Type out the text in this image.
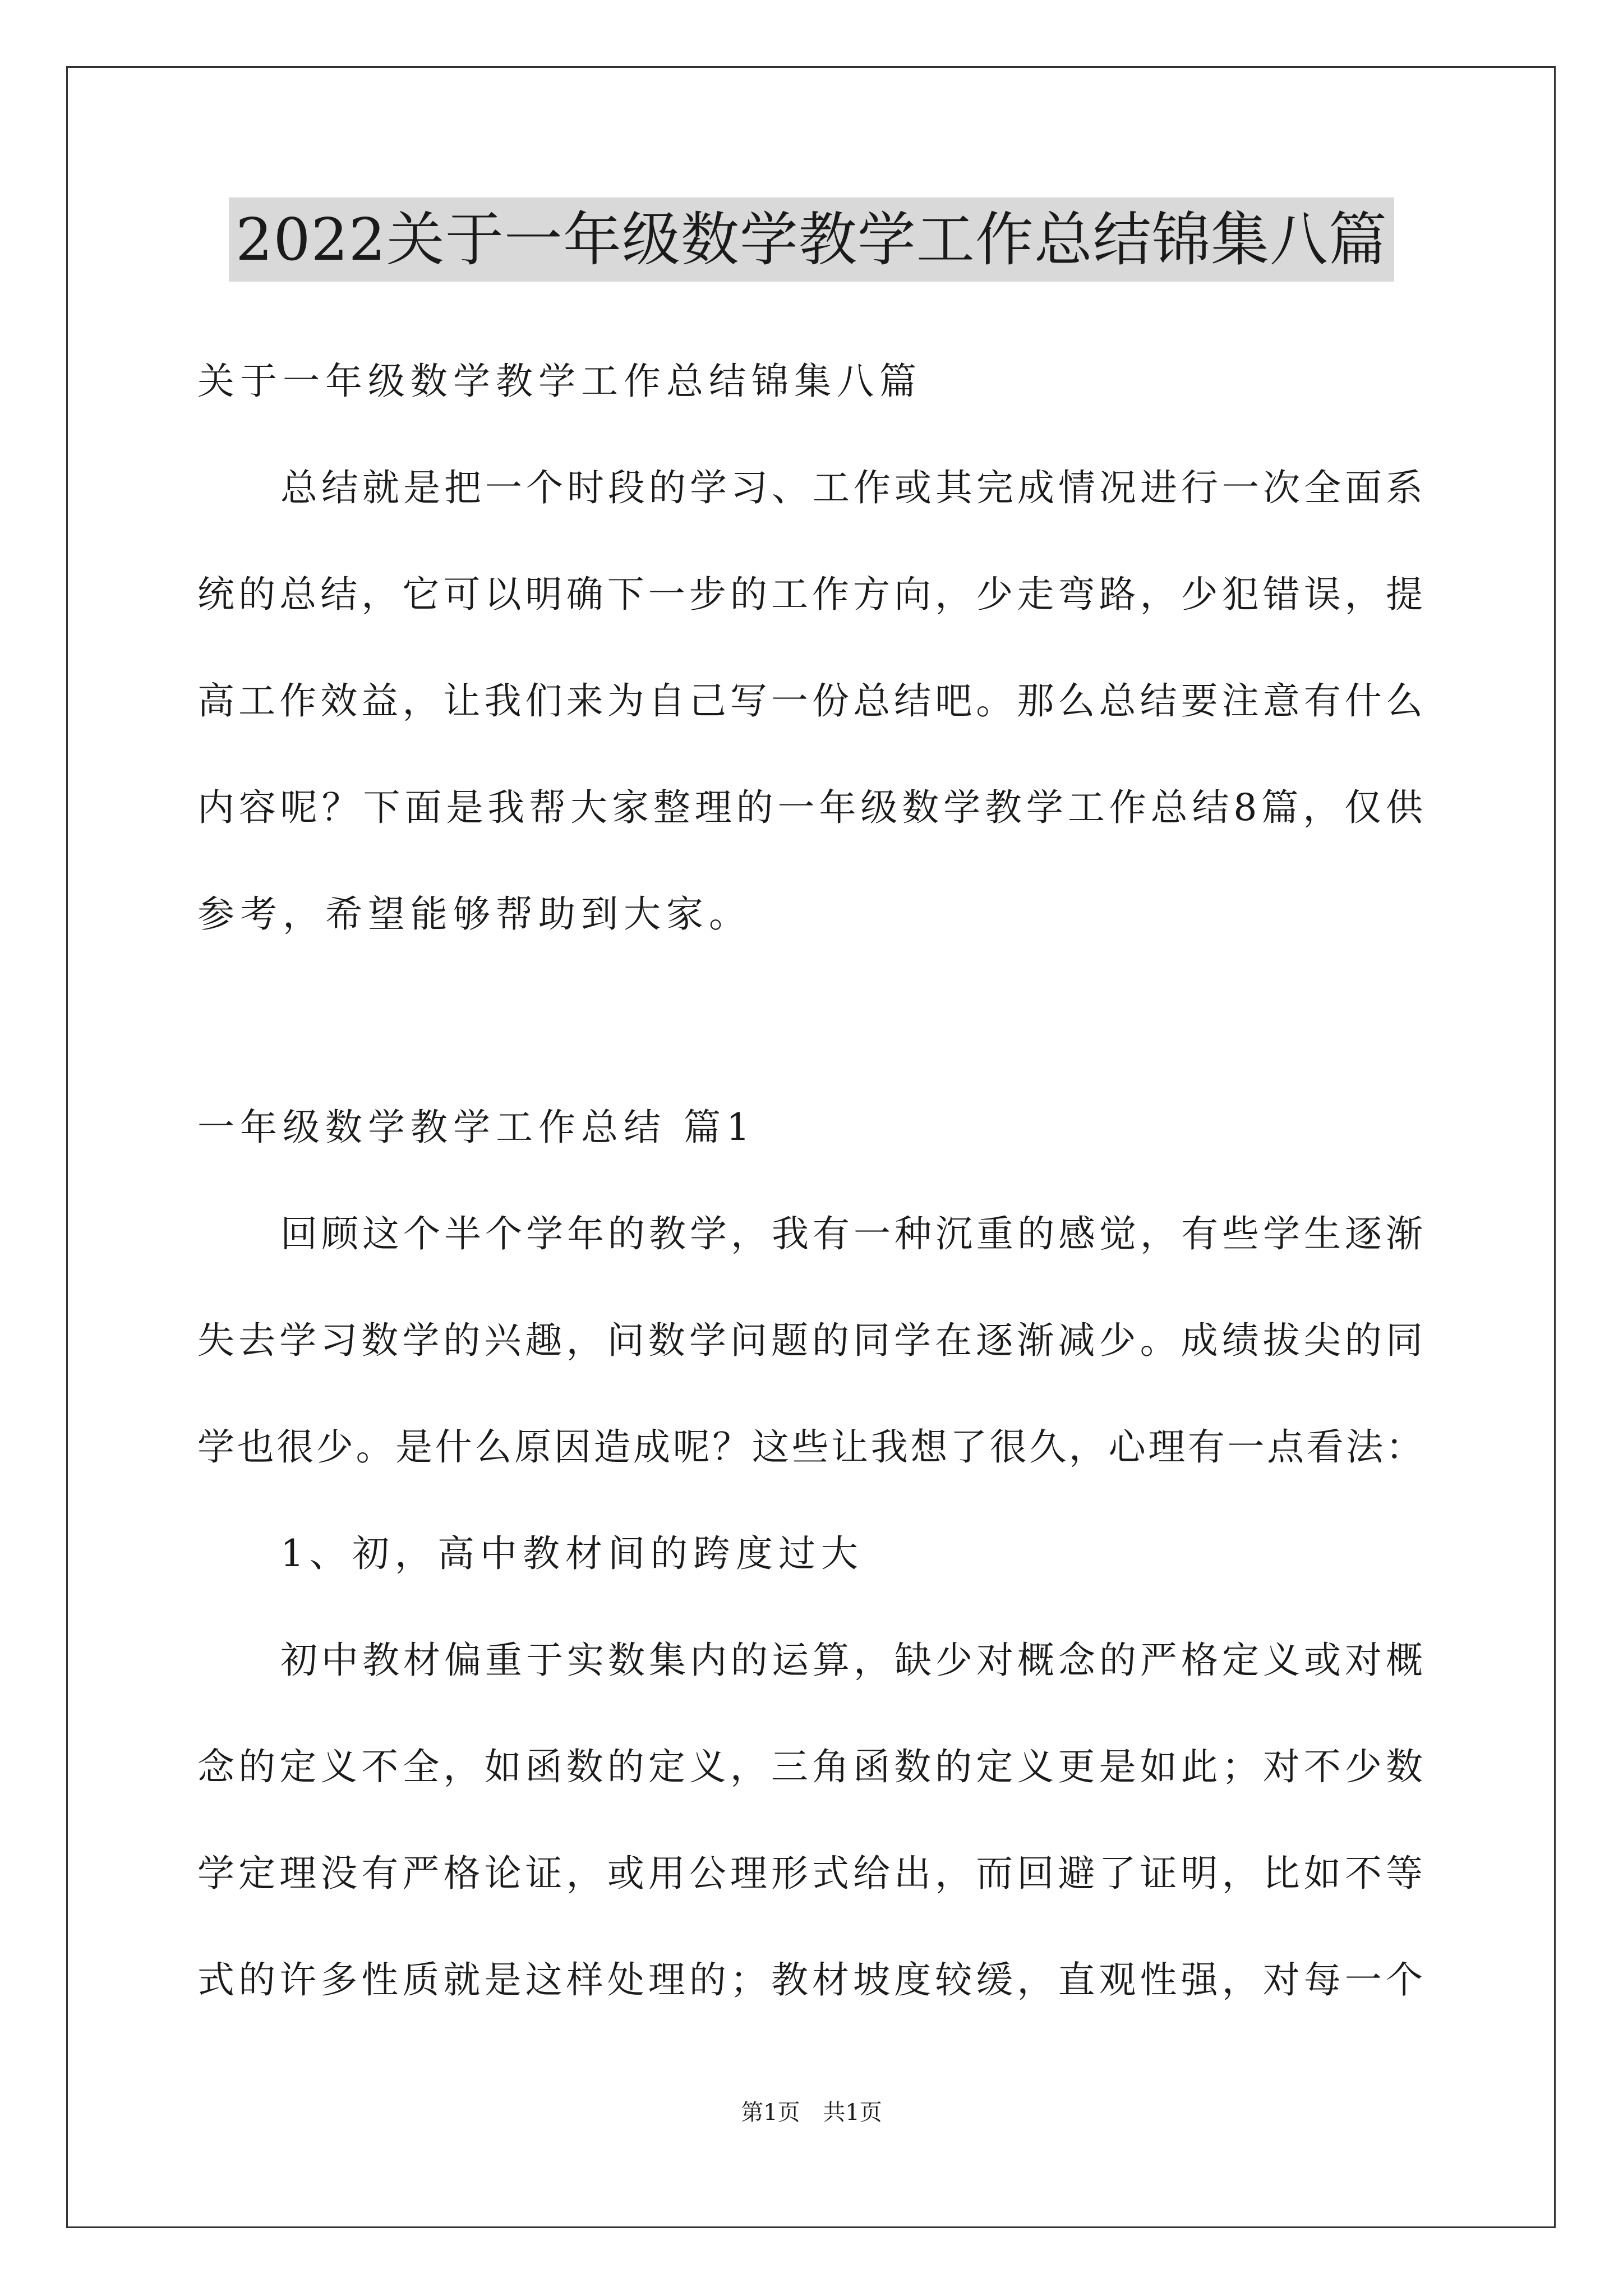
2022关于一年级数学教学工作总结锦集八篇
关于一年级数学教学工作总结锦集八篇
总结就是把一个时段的学习、工作或其完成情况进行一次全面系
统的总结，它可以明确下一步的工作方向，少走弯路，少犯错误，提
高工作效益，让我们来为自己写一份总结吧。那么总结要注意有什么
内容呢？下面是我帮大家整理的一年级数学教学工作总结8篇，仅供
参考，希望能够帮助到大家。
一年级数学教学工作总结 篇1
回顾这个半个学年的教学，我有一种沉重的感觉，有些学生逐渐
失去学习数学的兴趣，问数学问题的同学在逐渐减少。成绩拔尖的同
学也很少。是什么原因造成呢？这些让我想了很久，心理有一点看法：
1、初，高中教材间的跨度过大
初中教材偏重于实数集内的运算，缺少对概念的严格定义或对概
念的定义不全，如函数的定义，三角函数的定义更是如此；对不少数
学定理没有严格论证，或用公理形式给出，而回避了证明，比如不等
式的许多性质就是这样处理的；教材坡度较缓，直观性强，对每一个
第1页 共1页
